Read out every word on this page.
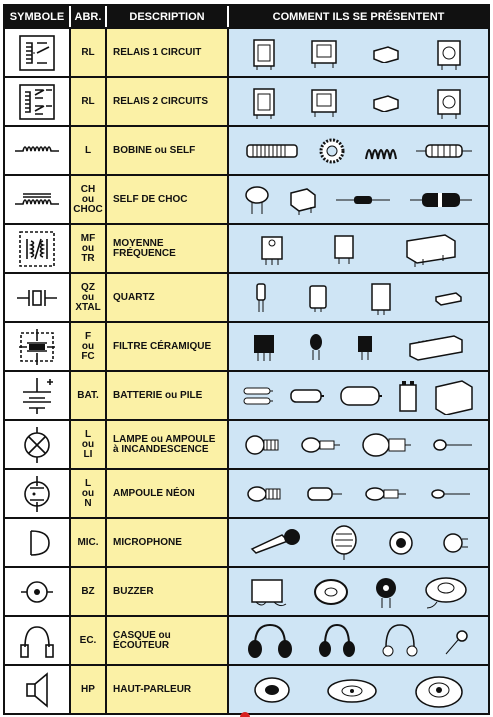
SYMBOLE ABR.	DESCRIPTION	COMMENT ILS SE PRÉSENTENT
RL RELAIS 1 CIRCUIT
RL RELAIS 2 CIRCUITS
L BOBINE ou SELF
CH
ou
CHOC
SELF DE CHOC
MF
ou
TR
MOYENNE FRÉQUENCE
QZ
ou
XTAL
QUARTZ
F
ou
FC
FILTRE CÉRAMIQUE
BAT. BATTERIE ou PILE
L
ou
LI
LAMPE ou AMPOULE
à INCANDESCENCE
L
ou
N
AMPOULE NÉON
MIC. MICROPHONE
BZ BUZZER
EC. CASQUE ou ÉCOUTEUR
HP HAUT-PARLEUR
